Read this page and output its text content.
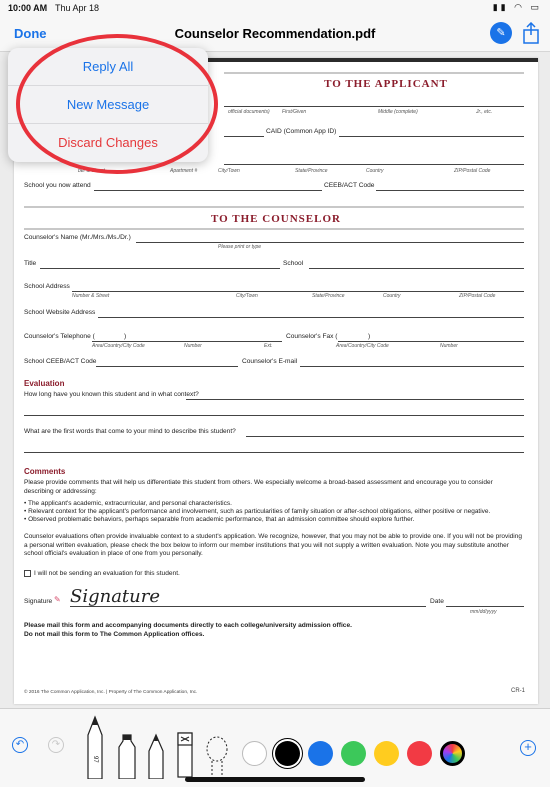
10:00 AM Thu Apr 18	▮▮ ◠ ▭
Done	Counselor Recommendation.pdf	✎
TO THE APPLICANT
official documents) First/Given	Middle (complete)	Jr., etc.
CAID (Common App ID)
ber & Street	Apartment #	City/Town	State/Province	Country	ZIP/Postal Code
School you now attend	CEEB/ACT Code
TO THE COUNSELOR
Counselor's Name (Mr./Mrs./Ms./Dr.)
Please print or type
Title	School
School Address
Number & Street	City/Town	State/Province	Country	ZIP/Postal Code
School Website Address
Counselor's Telephone (	)
Area/Country/City Code	Number	Ext.
Counselor's Fax (	)
Area/Country/City Code	Number
School CEEB/ACT Code	Counselor's E-mail
Evaluation
How long have you known this student and in what context?
What are the first words that come to your mind to describe this student?
Comments
Please provide comments that will help us differentiate this student from others. We especially welcome a broad-based assessment and encourage you to consider describing or addressing:
• The applicant's academic, extracurricular, and personal characteristics.
• Relevant context for the applicant's performance and involvement, such as particularities of family situation or after-school obligations, either positive or negative.
• Observed problematic behaviors, perhaps separable from academic performance, that an admission committee should explore further.
Counselor evaluations often provide invaluable context to a student's application. We recognize, however, that you may not be able to provide one. If you will not be providing a personal written evaluation, please check the box below to inform our member institutions that you will not supply a written evaluation. Note you may substitute another school official's evaluation in place of one from you personally.
I will not be sending an evaluation for this student.
Signature ✎ Signature	Date
mm/dd/yyyy
Please mail this form and accompanying documents directly to each college/university admission office.
Do not mail this form to The Common Application offices.
© 2016 The Common Application, Inc. | Property of The Common Application, Inc.	CR-1
Reply All
New Message
Discard Changes
↶	↷
97
+
